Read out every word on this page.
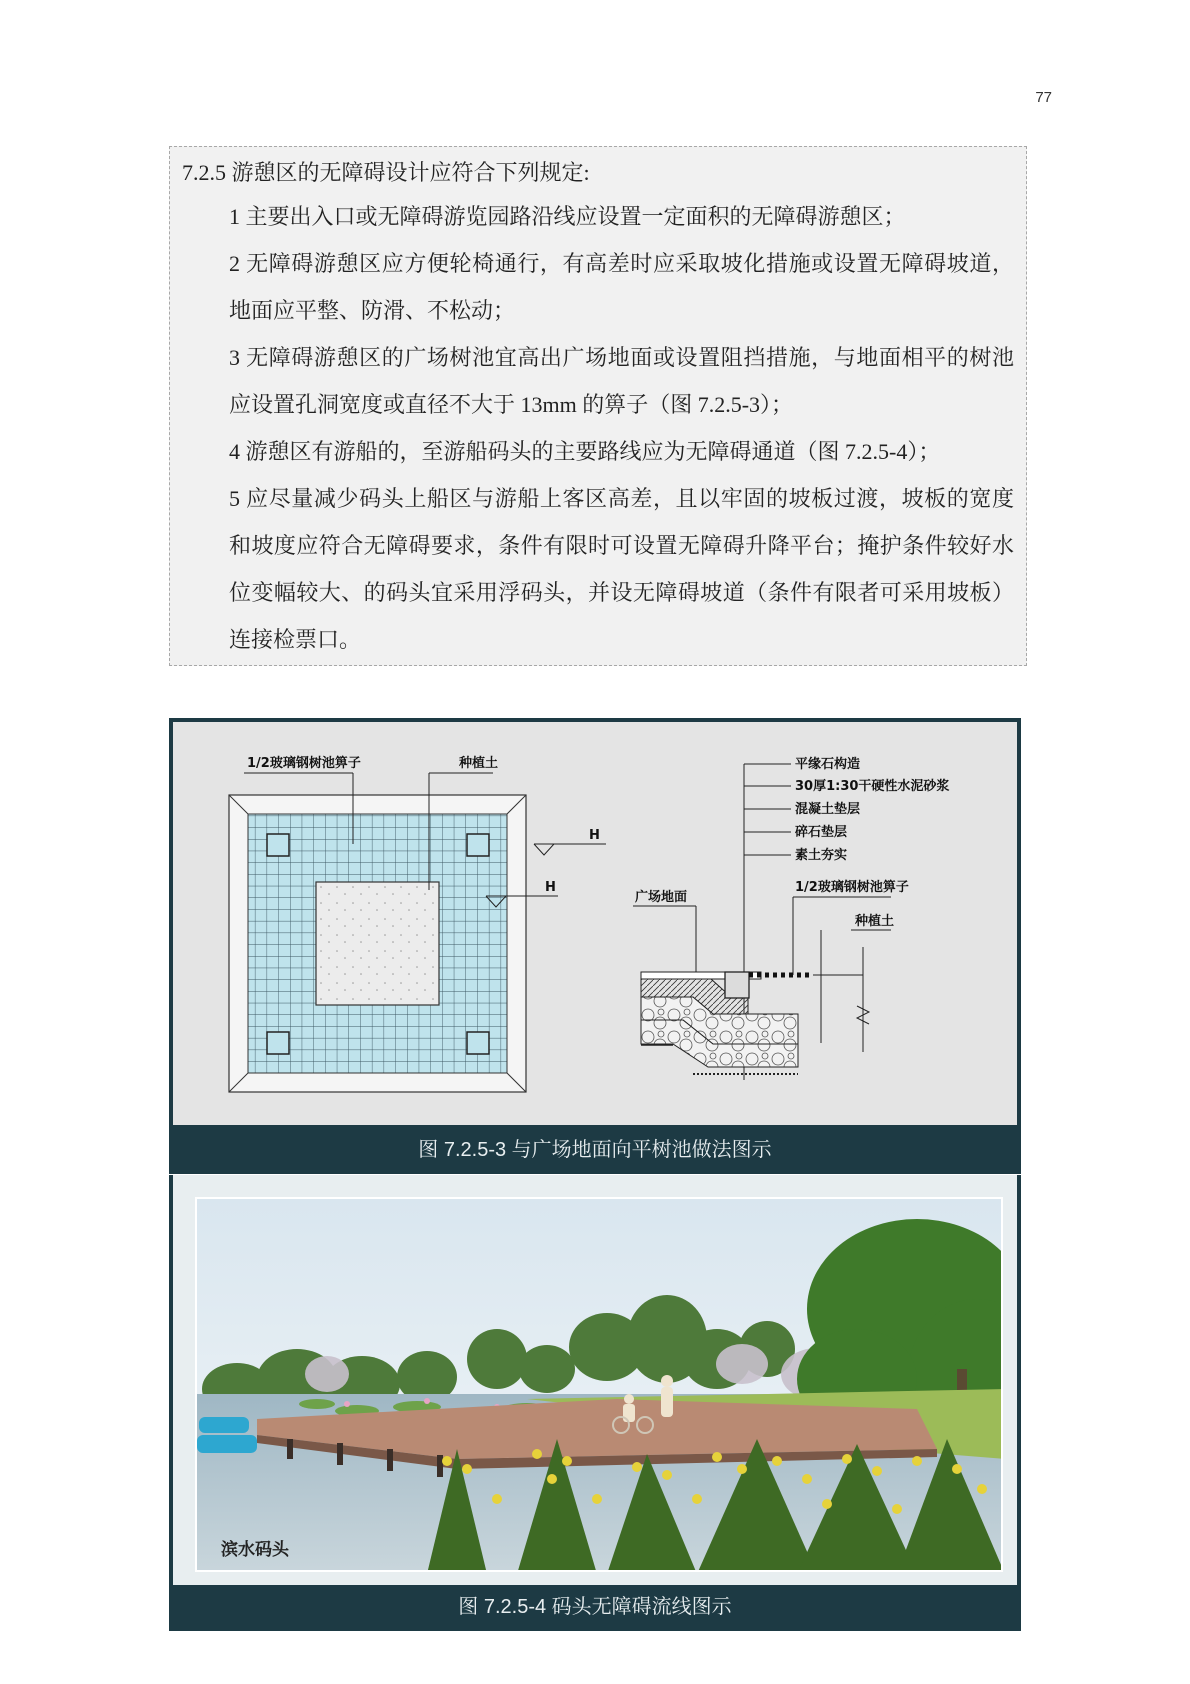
77
7.2.5 游憩区的无障碍设计应符合下列规定:
1 主要出入口或无障碍游览园路沿线应设置一定面积的无障碍游憩区；
2 无障碍游憩区应方便轮椅通行，有高差时应采取坡化措施或设置无障碍坡道，地面应平整、防滑、不松动；
3 无障碍游憩区的广场树池宜高出广场地面或设置阻挡措施，与地面相平的树池应设置孔洞宽度或直径不大于 13mm 的箅子（图 7.2.5-3）；
4 游憩区有游船的，至游船码头的主要路线应为无障碍通道（图 7.2.5-4）；
5 应尽量减少码头上船区与游船上客区高差，且以牢固的坡板过渡，坡板的宽度和坡度应符合无障碍要求，条件有限时可设置无障碍升降平台；掩护条件较好水位变幅较大、的码头宜采用浮码头，并设无障碍坡道（条件有限者可采用坡板）连接检票口。
1/2玻璃钢树池箅子	种植土
H
H
平缘石构造
30厚1:30干硬性水泥砂浆
混凝土垫层
碎石垫层
素土夯实
广场地面
1/2玻璃钢树池箅子
种植土
图 7.2.5-3 与广场地面向平树池做法图示
滨水码头
图 7.2.5-4 码头无障碍流线图示
